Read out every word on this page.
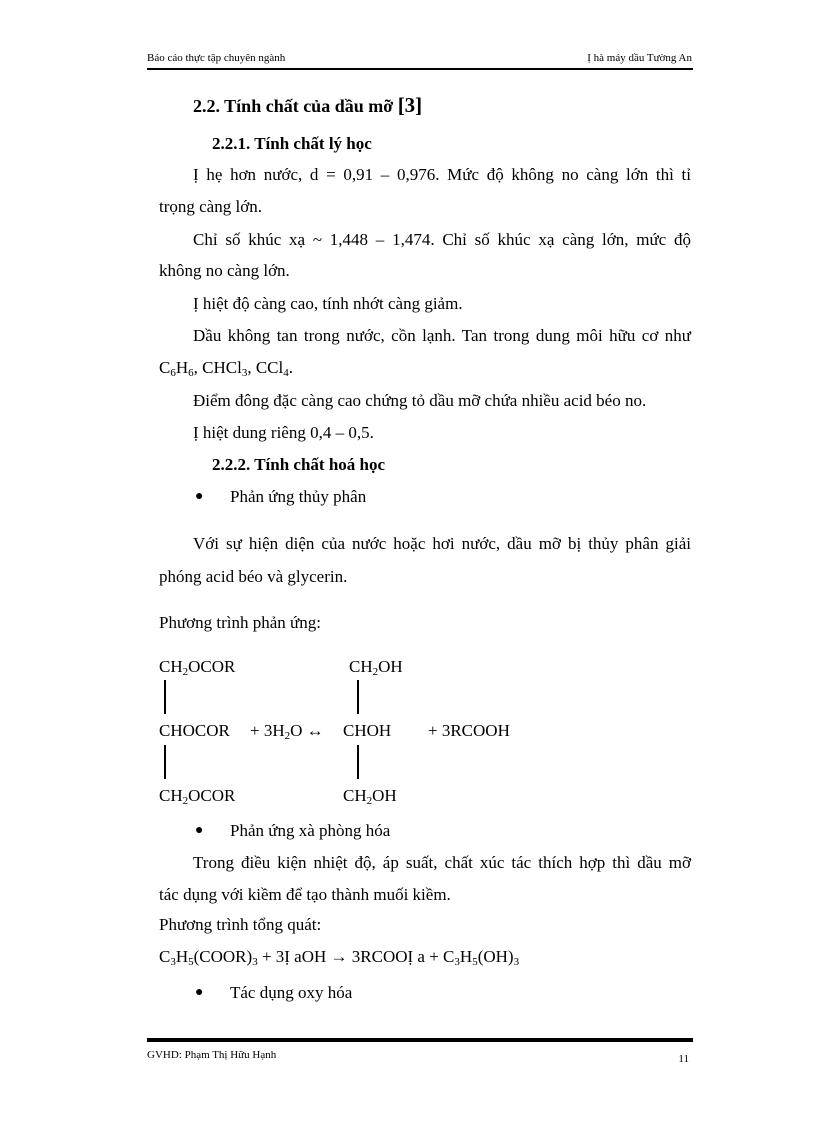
Báo cáo thực tập chuyên ngành	Ị hà máy dầu Tường An
2.2. Tính chất của dầu mỡ [3]
2.2.1. Tính chất lý học
Ị hẹ hơn nước, d = 0,91 – 0,976. Mức độ không no càng lớn thì tỉ
trọng càng lớn.
Chỉ số khúc xạ ~ 1,448 – 1,474. Chỉ số khúc xạ càng lớn, mức độ
không no càng lớn.
Ị hiệt độ càng cao, tính nhớt càng giảm.
Dầu không tan trong nước, cồn lạnh. Tan trong dung môi hữu cơ như
$C_6H_6$, CHCl$_3$, CCl$_4$.
Điểm đông đặc càng cao chứng tỏ dầu mỡ chứa nhiều acid béo no.
Ị hiệt dung riêng 0,4 – 0,5.
2.2.2. Tính chất hoá học
● Phản ứng thủy phân
Với sự hiện diện của nước hoặc hơi nước, dầu mỡ bị thủy phân giải
phóng acid béo và glycerin.
Phương trình phản ứng:
$CH_2OCOR$	$CH_2OH$
CHOCOR + $3H_2O$ ↔ CHOH + 3RCOOH
$CH_2OCOR$	$CH_2OH$
● Phản ứng xà phòng hóa
Trong điều kiện nhiệt độ, áp suất, chất xúc tác thích hợp thì dầu mỡ
tác dụng với kiềm để tạo thành muối kiềm.
Phương trình tổng quát:
$C_3H_5(COOR)_3$ + 3Ị aOH → 3RCOOỊ $a + C_3H_5(OH)_3$
● Tác dụng oxy hóa
GVHD: Phạm Thị Hữu Hạnh	11
